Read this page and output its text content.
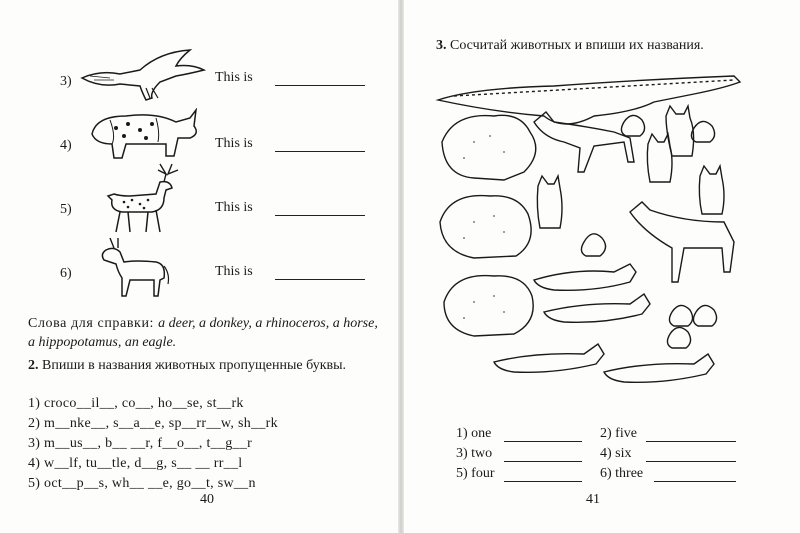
3)	This is
4)	This is
5)	This is
6)	This is
Слова для справки: a deer, a donkey, a rhinoceros, a horse, a hippopotamus, an eagle.
2. Впиши в названия животных пропущенные буквы.
1) croco__il__, co__, ho__se, st__rk
2) m__nke__, s__a__e, sp__rr__w, sh__rk
3) m__us__, b__ __r, f__o__, t__g__r
4) w__lf, tu__tle, d__g, s__ __ rr__l
5) oct__p__s, wh__ __e, go__t, sw__n
40
3. Сосчитай животных и впиши их названия.
1) one	2) five
3) two	4) six
5) four	6) three
41
